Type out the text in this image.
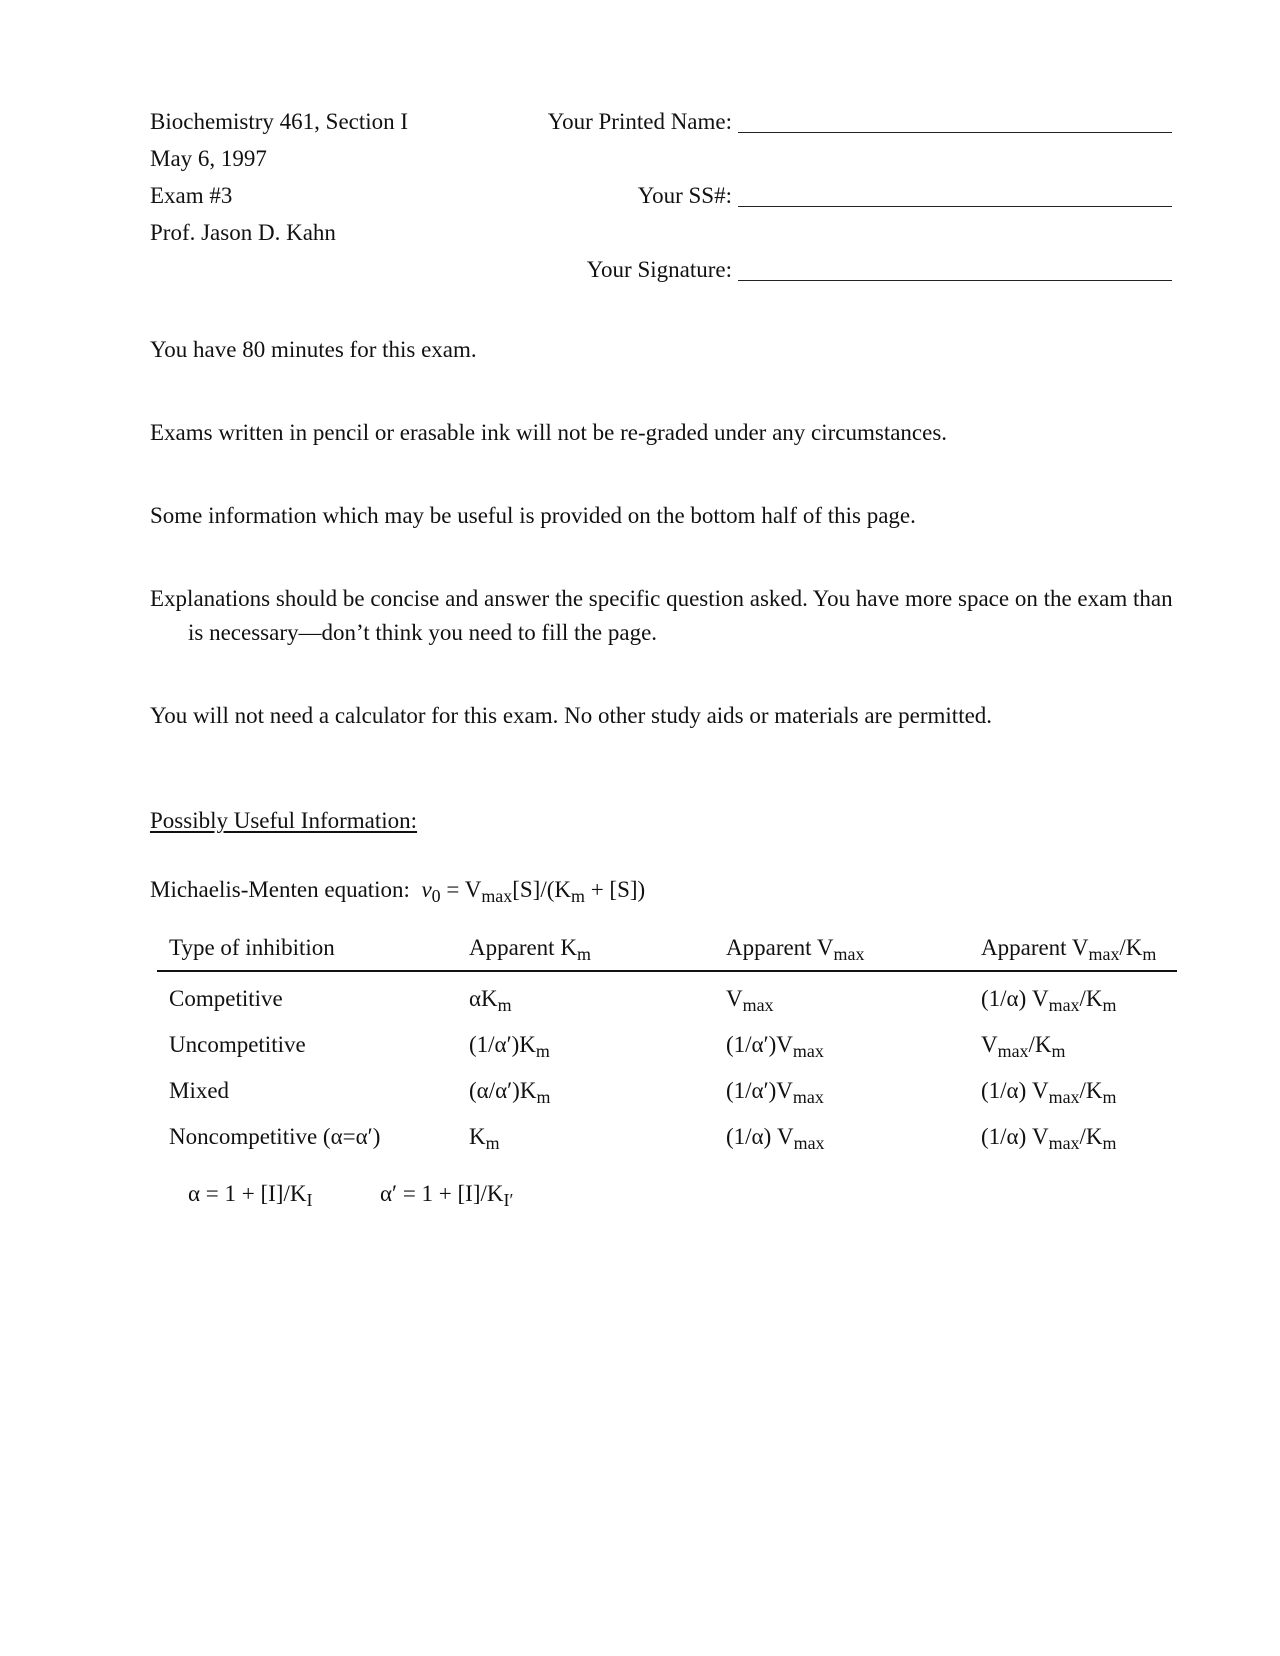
Biochemistry 461, Section I
May 6, 1997
Exam #3
Prof. Jason D. Kahn
Your Printed Name:
Your SS#:
Your Signature:
You have 80 minutes for this exam.
Exams written in pencil or erasable ink will not be re-graded under any circumstances.
Some information which may be useful is provided on the bottom half of this page.
Explanations should be concise and answer the specific question asked. You have more space on the exam than is necessary—don’t think you need to fill the page.
You will not need a calculator for this exam. No other study aids or materials are permitted.
Possibly Useful Information:
Michaelis-Menten equation: $v_0 = V_{max}[S]/(K_m + [S])$
Type of inhibition	Apparent $K_m$	Apparent $V_{max}$	Apparent $V_{max}/K_m$
Competitive	$\alpha K_m$	$V_{max}$	(1/α) $V_{max}/K_m$
Uncompetitive	$(1/\alpha')K_m$	$(1/\alpha')V_{max}$	$V_{max}/K_m$
Mixed	$(\alpha/\alpha')K_m$	$(1/\alpha')V_{max}$	(1/α) $V_{max}/K_m$
Noncompetitive (α=α′)	$K_m$	(1/α) $V_{max}$	(1/α) $V_{max}/K_m$
$\alpha = 1 + [I]/K_I$	$\alpha' = 1 + [I]/K_{I'}$
